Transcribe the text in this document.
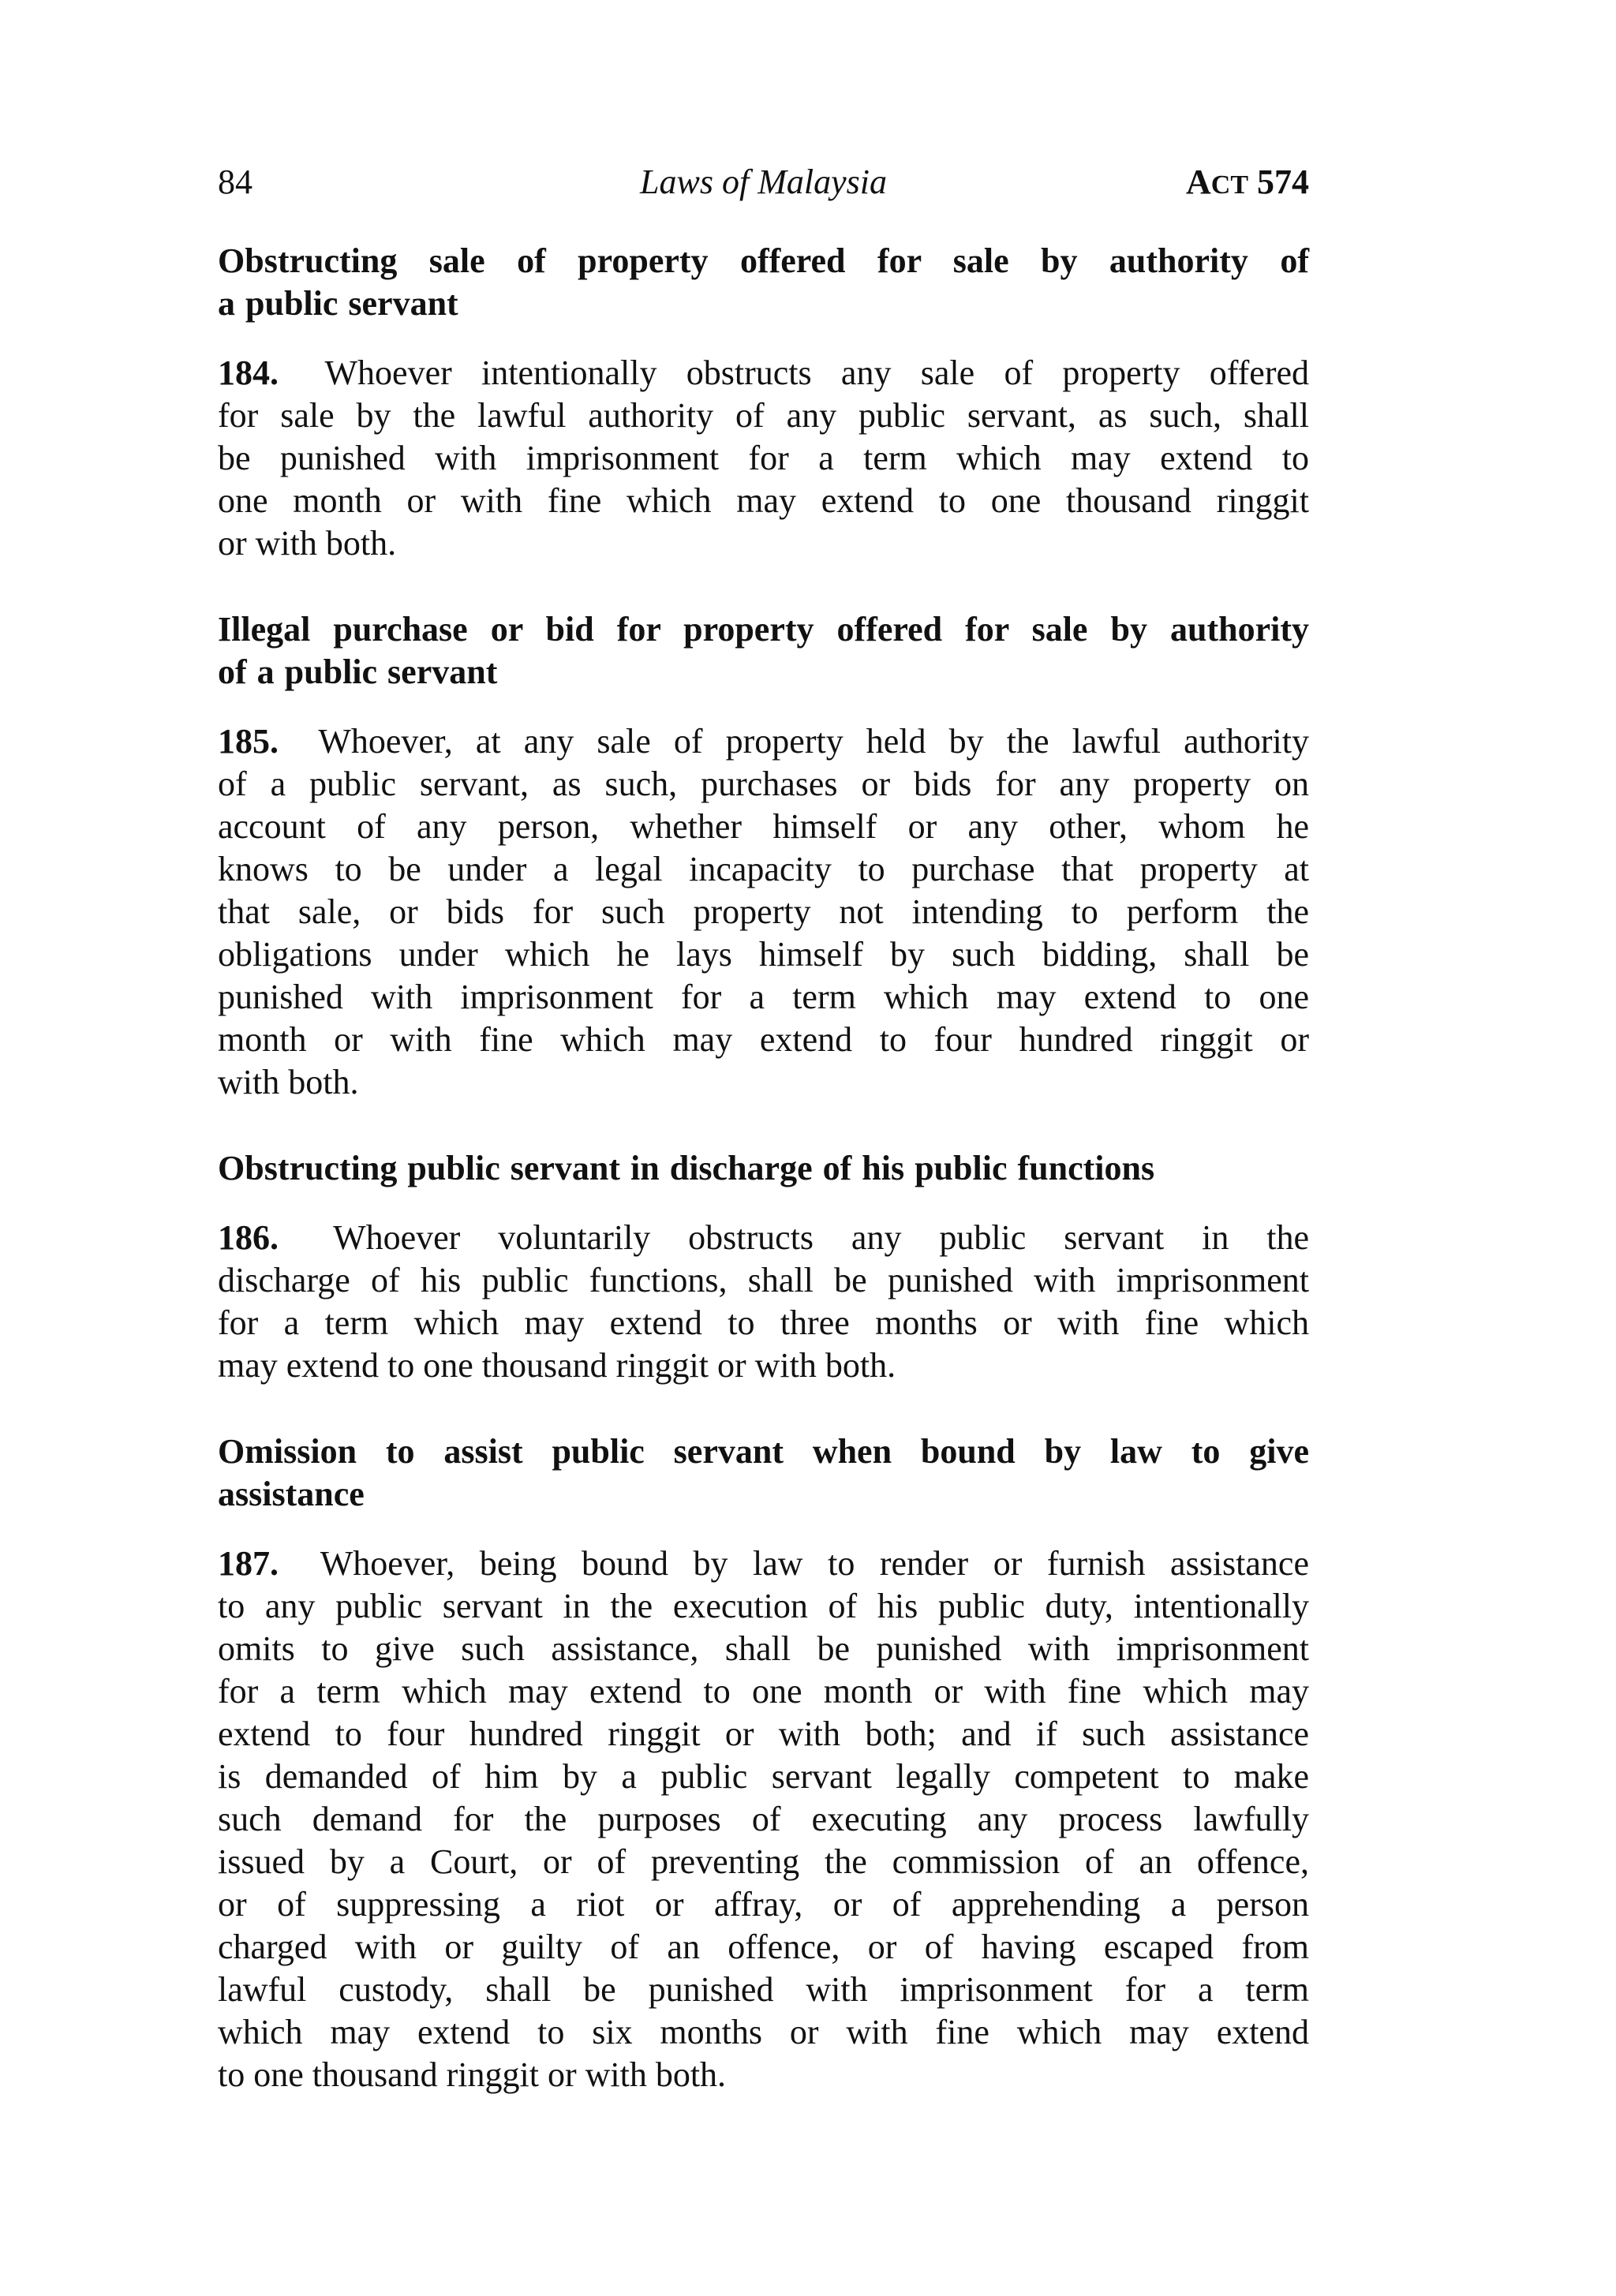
84	Laws of Malaysia	ACT 574
Obstructing sale of property offered for sale by authority of
a public servant
184.  Whoever intentionally obstructs any sale of property offered
for sale by the lawful authority of any public servant, as such, shall
be punished with imprisonment for a term which may extend to
one month or with fine which may extend to one thousand ringgit
or with both.
Illegal purchase or bid for property offered for sale by authority
of a public servant
185.  Whoever, at any sale of property held by the lawful authority
of a public servant, as such, purchases or bids for any property on
account of any person, whether himself or any other, whom he
knows to be under a legal incapacity to purchase that property at
that sale, or bids for such property not intending to perform the
obligations under which he lays himself by such bidding, shall be
punished with imprisonment for a term which may extend to one
month or with fine which may extend to four hundred ringgit or
with both.
Obstructing public servant in discharge of his public functions
186.  Whoever voluntarily obstructs any public servant in the
discharge of his public functions, shall be punished with imprisonment
for a term which may extend to three months or with fine which
may extend to one thousand ringgit or with both.
Omission to assist public servant when bound by law to give
assistance
187.  Whoever, being bound by law to render or furnish assistance
to any public servant in the execution of his public duty, intentionally
omits to give such assistance, shall be punished with imprisonment
for a term which may extend to one month or with fine which may
extend to four hundred ringgit or with both; and if such assistance
is demanded of him by a public servant legally competent to make
such demand for the purposes of executing any process lawfully
issued by a Court, or of preventing the commission of an offence,
or of suppressing a riot or affray, or of apprehending a person
charged with or guilty of an offence, or of having escaped from
lawful custody, shall be punished with imprisonment for a term
which may extend to six months or with fine which may extend
to one thousand ringgit or with both.
